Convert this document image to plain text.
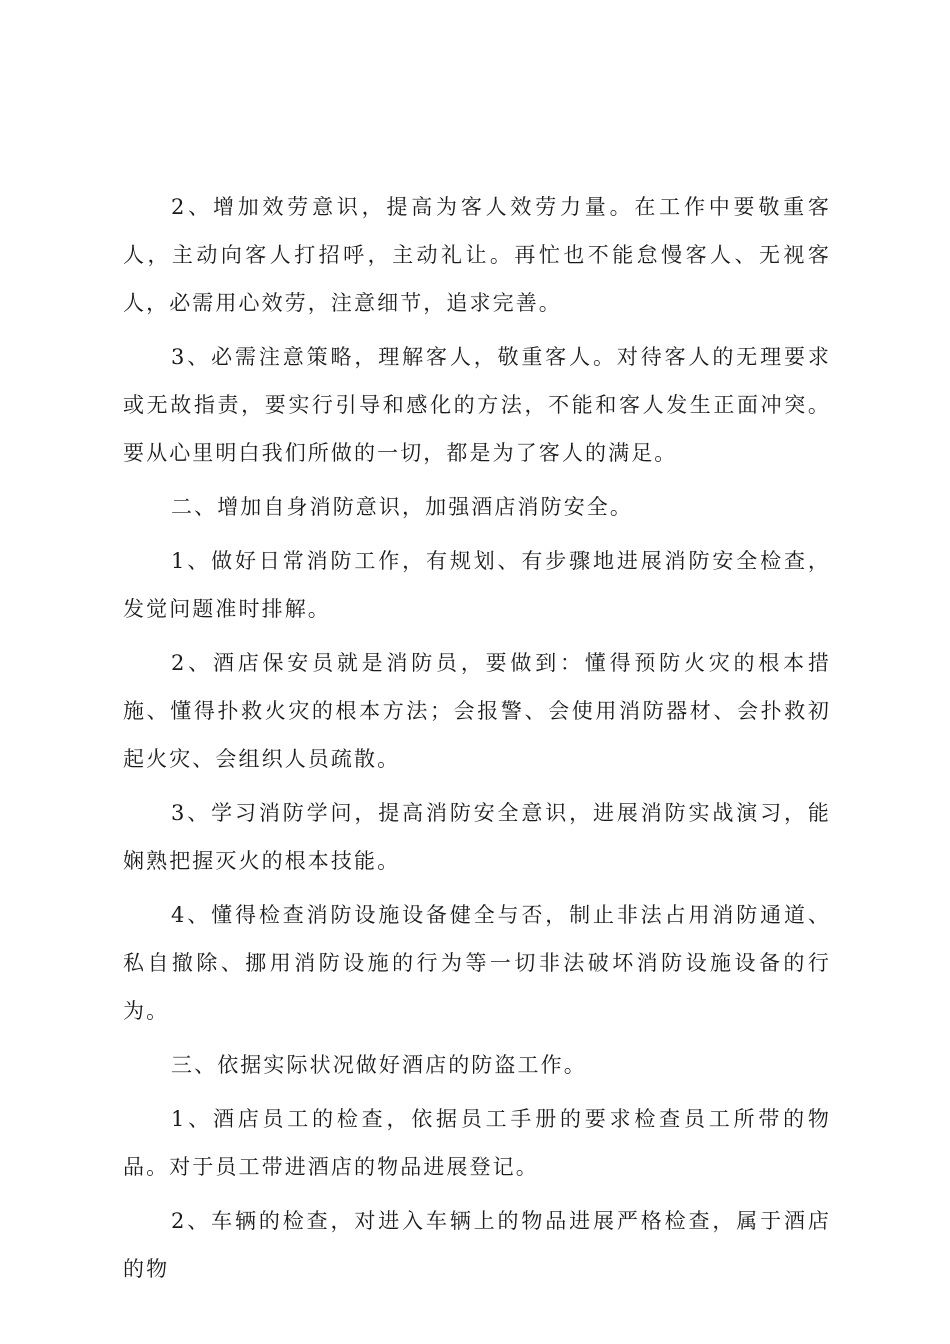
2、增加效劳意识，提高为客人效劳力量。在工作中要敬重客人，主动向客人打招呼，主动礼让。再忙也不能怠慢客人、无视客人，必需用心效劳，注意细节，追求完善。

3、必需注意策略，理解客人，敬重客人。对待客人的无理要求或无故指责，要实行引导和感化的方法，不能和客人发生正面冲突。要从心里明白我们所做的一切，都是为了客人的满足。

二、增加自身消防意识，加强酒店消防安全。

1、做好日常消防工作，有规划、有步骤地进展消防安全检查，发觉问题准时排解。

2、酒店保安员就是消防员，要做到：懂得预防火灾的根本措施、懂得扑救火灾的根本方法；会报警、会使用消防器材、会扑救初起火灾、会组织人员疏散。

3、学习消防学问，提高消防安全意识，进展消防实战演习，能娴熟把握灭火的根本技能。

4、懂得检查消防设施设备健全与否，制止非法占用消防通道、私自撤除、挪用消防设施的行为等一切非法破坏消防设施设备的行为。

三、依据实际状况做好酒店的防盗工作。

1、酒店员工的检查，依据员工手册的要求检查员工所带的物品。对于员工带进酒店的物品进展登记。

2、车辆的检查，对进入车辆上的物品进展严格检查，属于酒店的物
